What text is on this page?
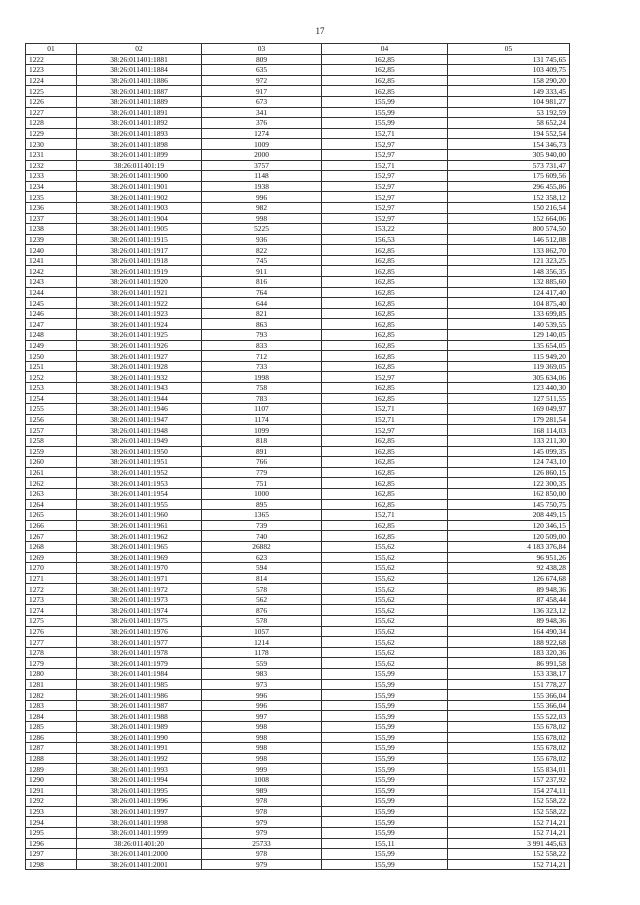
17
01	02	03	04	05
1222	38:26:011401:1881	809	162,85	131 745,65
1223	38:26:011401:1884	635	162,85	103 409,75
1224	38:26:011401:1886	972	162,85	158 290,20
1225	38:26:011401:1887	917	162,85	149 333,45
1226	38:26:011401:1889	673	155,99	104 981,27
1227	38:26:011401:1891	341	155,99	53 192,59
1228	38:26:011401:1892	376	155,99	58 652,24
1229	38:26:011401:1893	1274	152,71	194 552,54
1230	38:26:011401:1898	1009	152,97	154 346,73
1231	38:26:011401:1899	2000	152,97	305 940,00
1232	38:26:011401:19	3757	152,71	573 731,47
1233	38:26:011401:1900	1148	152,97	175 609,56
1234	38:26:011401:1901	1938	152,97	296 455,86
1235	38:26:011401:1902	996	152,97	152 358,12
1236	38:26:011401:1903	982	152,97	150 216,54
1237	38:26:011401:1904	998	152,97	152 664,06
1238	38:26:011401:1905	5225	153,22	800 574,50
1239	38:26:011401:1915	936	156,53	146 512,08
1240	38:26:011401:1917	822	162,85	133 862,70
1241	38:26:011401:1918	745	162,85	121 323,25
1242	38:26:011401:1919	911	162,85	148 356,35
1243	38:26:011401:1920	816	162,85	132 885,60
1244	38:26:011401:1921	764	162,85	124 417,40
1245	38:26:011401:1922	644	162,85	104 875,40
1246	38:26:011401:1923	821	162,85	133 699,85
1247	38:26:011401:1924	863	162,85	140 539,55
1248	38:26:011401:1925	793	162,85	129 140,05
1249	38:26:011401:1926	833	162,85	135 654,05
1250	38:26:011401:1927	712	162,85	115 949,20
1251	38:26:011401:1928	733	162,85	119 369,05
1252	38:26:011401:1932	1998	152,97	305 634,06
1253	38:26:011401:1943	758	162,85	123 440,30
1254	38:26:011401:1944	783	162,85	127 511,55
1255	38:26:011401:1946	1107	152,71	169 049,97
1256	38:26:011401:1947	1174	152,71	179 281,54
1257	38:26:011401:1948	1099	152,97	168 114,03
1258	38:26:011401:1949	818	162,85	133 211,30
1259	38:26:011401:1950	891	162,85	145 099,35
1260	38:26:011401:1951	766	162,85	124 743,10
1261	38:26:011401:1952	779	162,85	126 860,15
1262	38:26:011401:1953	751	162,85	122 300,35
1263	38:26:011401:1954	1000	162,85	162 850,00
1264	38:26:011401:1955	895	162,85	145 750,75
1265	38:26:011401:1960	1365	152,71	208 449,15
1266	38:26:011401:1961	739	162,85	120 346,15
1267	38:26:011401:1962	740	162,85	120 509,00
1268	38:26:011401:1965	26882	155,62	4 183 376,84
1269	38:26:011401:1969	623	155,62	96 951,26
1270	38:26:011401:1970	594	155,62	92 438,28
1271	38:26:011401:1971	814	155,62	126 674,68
1272	38:26:011401:1972	578	155,62	89 948,36
1273	38:26:011401:1973	562	155,62	87 458,44
1274	38:26:011401:1974	876	155,62	136 323,12
1275	38:26:011401:1975	578	155,62	89 948,36
1276	38:26:011401:1976	1057	155,62	164 490,34
1277	38:26:011401:1977	1214	155,62	188 922,68
1278	38:26:011401:1978	1178	155,62	183 320,36
1279	38:26:011401:1979	559	155,62	86 991,58
1280	38:26:011401:1984	983	155,99	153 338,17
1281	38:26:011401:1985	973	155,99	151 778,27
1282	38:26:011401:1986	996	155,99	155 366,04
1283	38:26:011401:1987	996	155,99	155 366,04
1284	38:26:011401:1988	997	155,99	155 522,03
1285	38:26:011401:1989	998	155,99	155 678,02
1286	38:26:011401:1990	998	155,99	155 678,02
1287	38:26:011401:1991	998	155,99	155 678,02
1288	38:26:011401:1992	998	155,99	155 678,02
1289	38:26:011401:1993	999	155,99	155 834,01
1290	38:26:011401:1994	1008	155,99	157 237,92
1291	38:26:011401:1995	989	155,99	154 274,11
1292	38:26:011401:1996	978	155,99	152 558,22
1293	38:26:011401:1997	978	155,99	152 558,22
1294	38:26:011401:1998	979	155,99	152 714,21
1295	38:26:011401:1999	979	155,99	152 714,21
1296	38:26:011401:20	25733	155,11	3 991 445,63
1297	38:26:011401:2000	978	155,99	152 558,22
1298	38:26:011401:2001	979	155,99	152 714,21
